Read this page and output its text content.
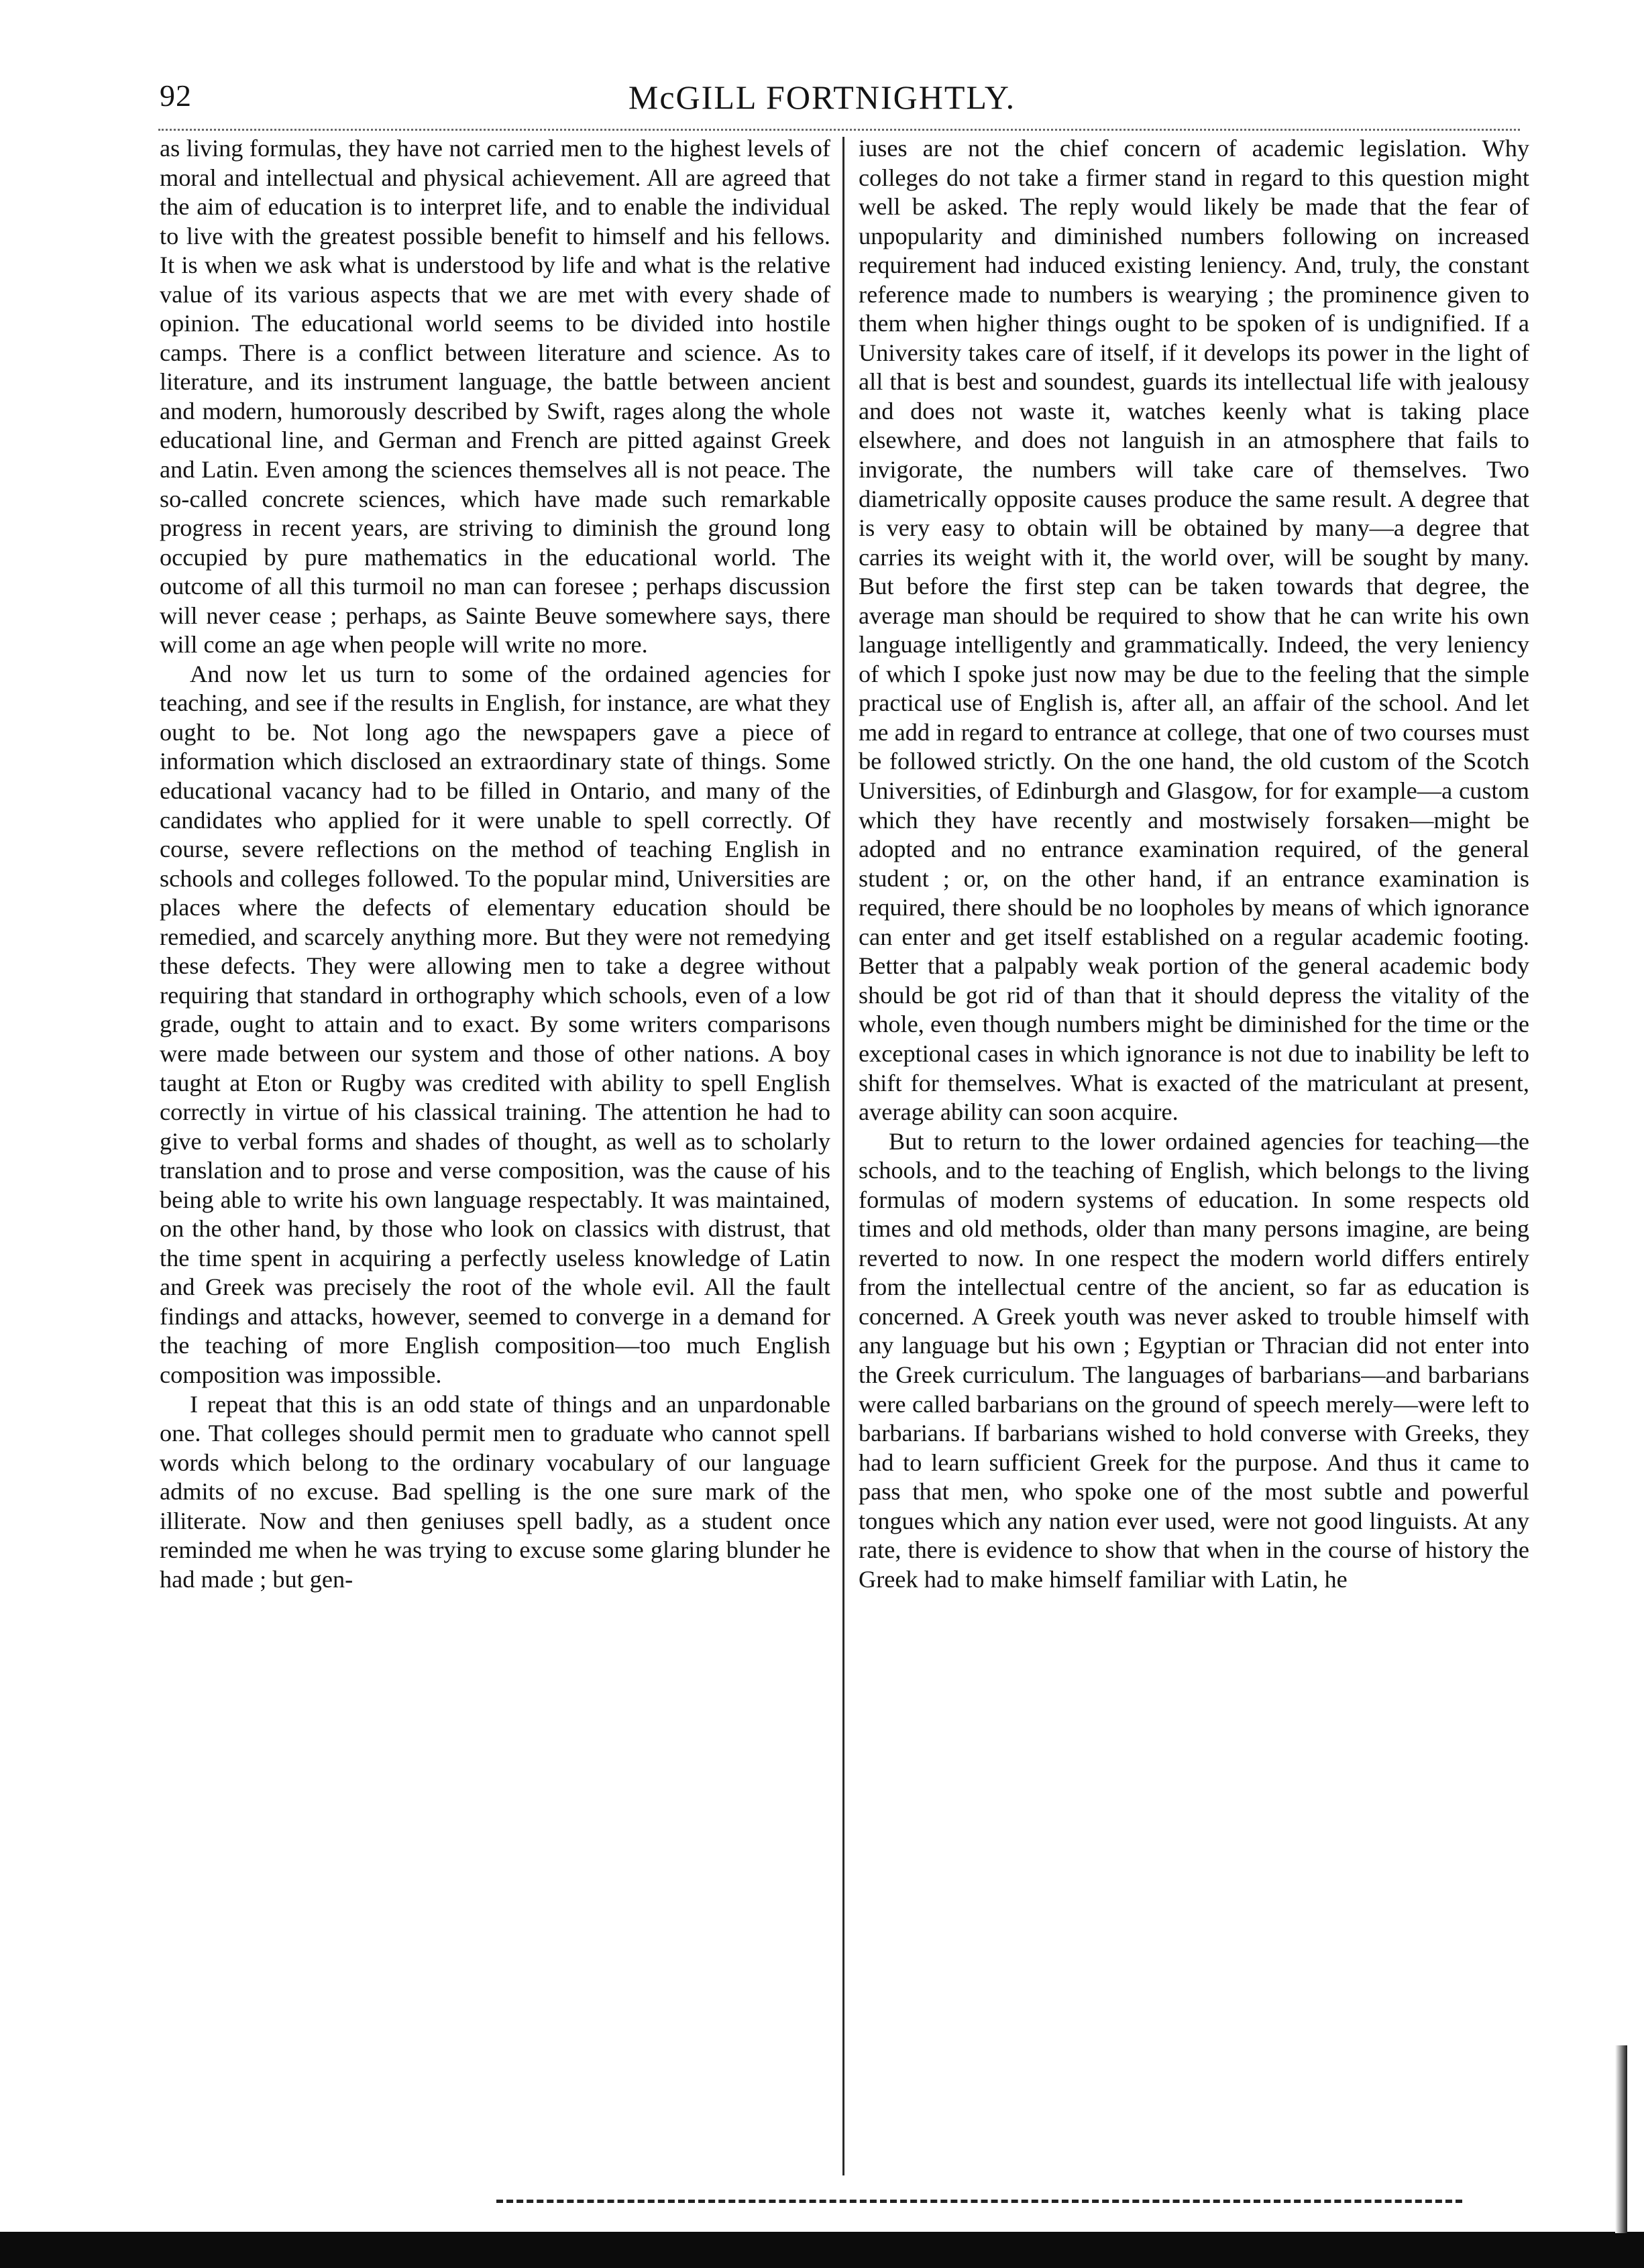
92	McGILL FORTNIGHTLY.

as living formulas, they have not carried men to the highest levels of moral and intellectual and physical achievement. All are agreed that the aim of education is to interpret life, and to enable the individual to live with the greatest possible benefit to himself and his fellows. It is when we ask what is understood by life and what is the relative value of its various aspects that we are met with every shade of opinion. The educational world seems to be divided into hostile camps. There is a conflict between literature and science. As to literature, and its instrument language, the battle between ancient and modern, humorously described by Swift, rages along the whole educational line, and German and French are pitted against Greek and Latin. Even among the sciences themselves all is not peace. The so-called concrete sciences, which have made such remarkable progress in recent years, are striving to diminish the ground long occupied by pure mathematics in the educational world. The outcome of all this turmoil no man can foresee ; perhaps discussion will never cease ; perhaps, as Sainte Beuve somewhere says, there will come an age when people will write no more.

And now let us turn to some of the ordained agencies for teaching, and see if the results in English, for instance, are what they ought to be. Not long ago the newspapers gave a piece of information which disclosed an extraordinary state of things. Some educational vacancy had to be filled in Ontario, and many of the candidates who applied for it were unable to spell correctly. Of course, severe reflections on the method of teaching English in schools and colleges followed. To the popular mind, Universities are places where the defects of elementary education should be remedied, and scarcely anything more. But they were not remedying these defects. They were allowing men to take a degree without requiring that standard in orthography which schools, even of a low grade, ought to attain and to exact. By some writers comparisons were made between our system and those of other nations. A boy taught at Eton or Rugby was credited with ability to spell English correctly in virtue of his classical training. The attention he had to give to verbal forms and shades of thought, as well as to scholarly translation and to prose and verse composition, was the cause of his being able to write his own language respectably. It was maintained, on the other hand, by those who look on classics with distrust, that the time spent in acquiring a perfectly useless knowledge of Latin and Greek was precisely the root of the whole evil. All the fault findings and attacks, however, seemed to converge in a demand for the teaching of more English composition—too much English composition was impossible.

I repeat that this is an odd state of things and an unpardonable one. That colleges should permit men to graduate who cannot spell words which belong to the ordinary vocabulary of our language admits of no excuse. Bad spelling is the one sure mark of the illiterate. Now and then geniuses spell badly, as a student once reminded me when he was trying to excuse some glaring blunder he had made ; but gen-

iuses are not the chief concern of academic legislation. Why colleges do not take a firmer stand in regard to this question might well be asked. The reply would likely be made that the fear of unpopularity and diminished numbers following on increased requirement had induced existing leniency. And, truly, the constant reference made to numbers is wearying ; the prominence given to them when higher things ought to be spoken of is undignified. If a University takes care of itself, if it develops its power in the light of all that is best and soundest, guards its intellectual life with jealousy and does not waste it, watches keenly what is taking place elsewhere, and does not languish in an atmosphere that fails to invigorate, the numbers will take care of themselves. Two diametrically opposite causes produce the same result. A degree that is very easy to obtain will be obtained by many—a degree that carries its weight with it, the world over, will be sought by many. But before the first step can be taken towards that degree, the average man should be required to show that he can write his own language intelligently and grammatically. Indeed, the very leniency of which I spoke just now may be due to the feeling that the simple practical use of English is, after all, an affair of the school. And let me add in regard to entrance at college, that one of two courses must be followed strictly. On the one hand, the old custom of the Scotch Universities, of Edinburgh and Glasgow, for for example—a custom which they have recently and mostwisely forsaken—might be adopted and no entrance examination required, of the general student ; or, on the other hand, if an entrance examination is required, there should be no loopholes by means of which ignorance can enter and get itself established on a regular academic footing. Better that a palpably weak portion of the general academic body should be got rid of than that it should depress the vitality of the whole, even though numbers might be diminished for the time or the exceptional cases in which ignorance is not due to inability be left to shift for themselves. What is exacted of the matriculant at present, average ability can soon acquire.

But to return to the lower ordained agencies for teaching—the schools, and to the teaching of English, which belongs to the living formulas of modern systems of education. In some respects old times and old methods, older than many persons imagine, are being reverted to now. In one respect the modern world differs entirely from the intellectual centre of the ancient, so far as education is concerned. A Greek youth was never asked to trouble himself with any language but his own ; Egyptian or Thracian did not enter into the Greek curriculum. The languages of barbarians—and barbarians were called barbarians on the ground of speech merely—were left to barbarians. If barbarians wished to hold converse with Greeks, they had to learn sufficient Greek for the purpose. And thus it came to pass that men, who spoke one of the most subtle and powerful tongues which any nation ever used, were not good linguists. At any rate, there is evidence to show that when in the course of history the Greek had to make himself familiar with Latin, he
